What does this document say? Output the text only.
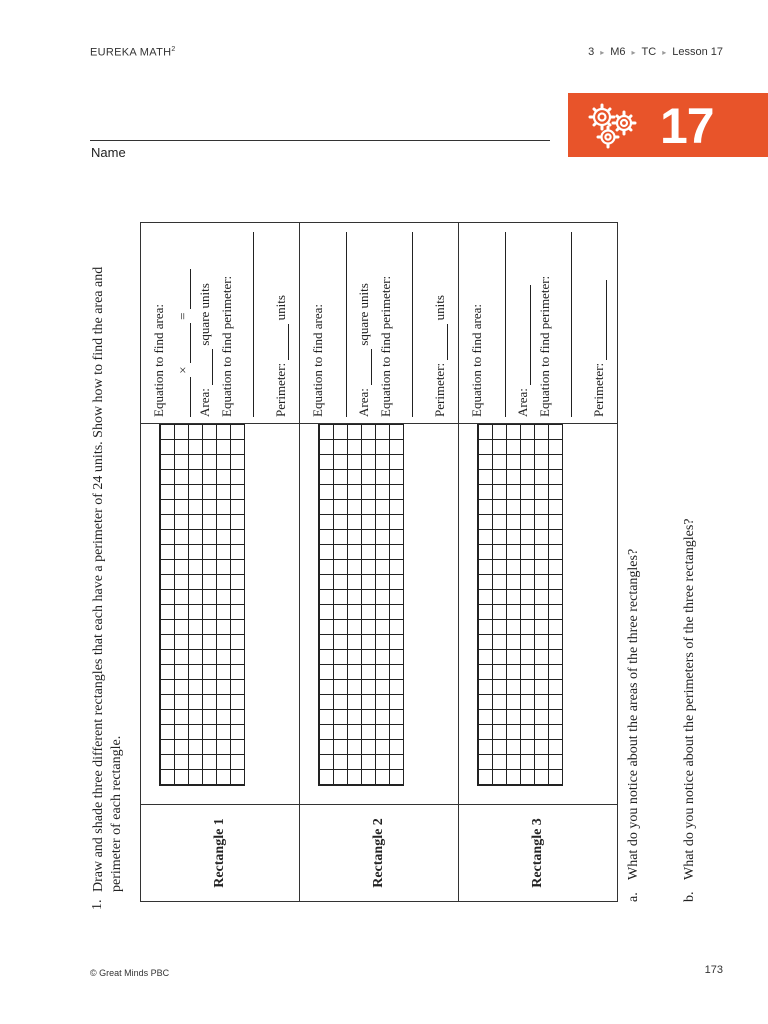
EUREKA MATH$^2$	3 ▸ M6 ▸ TC ▸ Lesson 17
17
Name
1.
Draw and shade three different rectangles that each have a perimeter of 24 units. Show how to find the area and perimeter of each rectangle.	Rectangle 1		Equation to find area: ×  =
Area:  square units Equation to find perimeter: Perimeter:  units

Rectangle 2		Equation to find area: Area:  square units Equation to find perimeter: Perimeter:  units

Rectangle 3		Equation to find area: Area: Equation to find perimeter: Perimeter:
a.
What do you notice about the areas of the three rectangles?
b.
What do you notice about the perimeters of the three rectangles?
© Great Minds PBC	173
